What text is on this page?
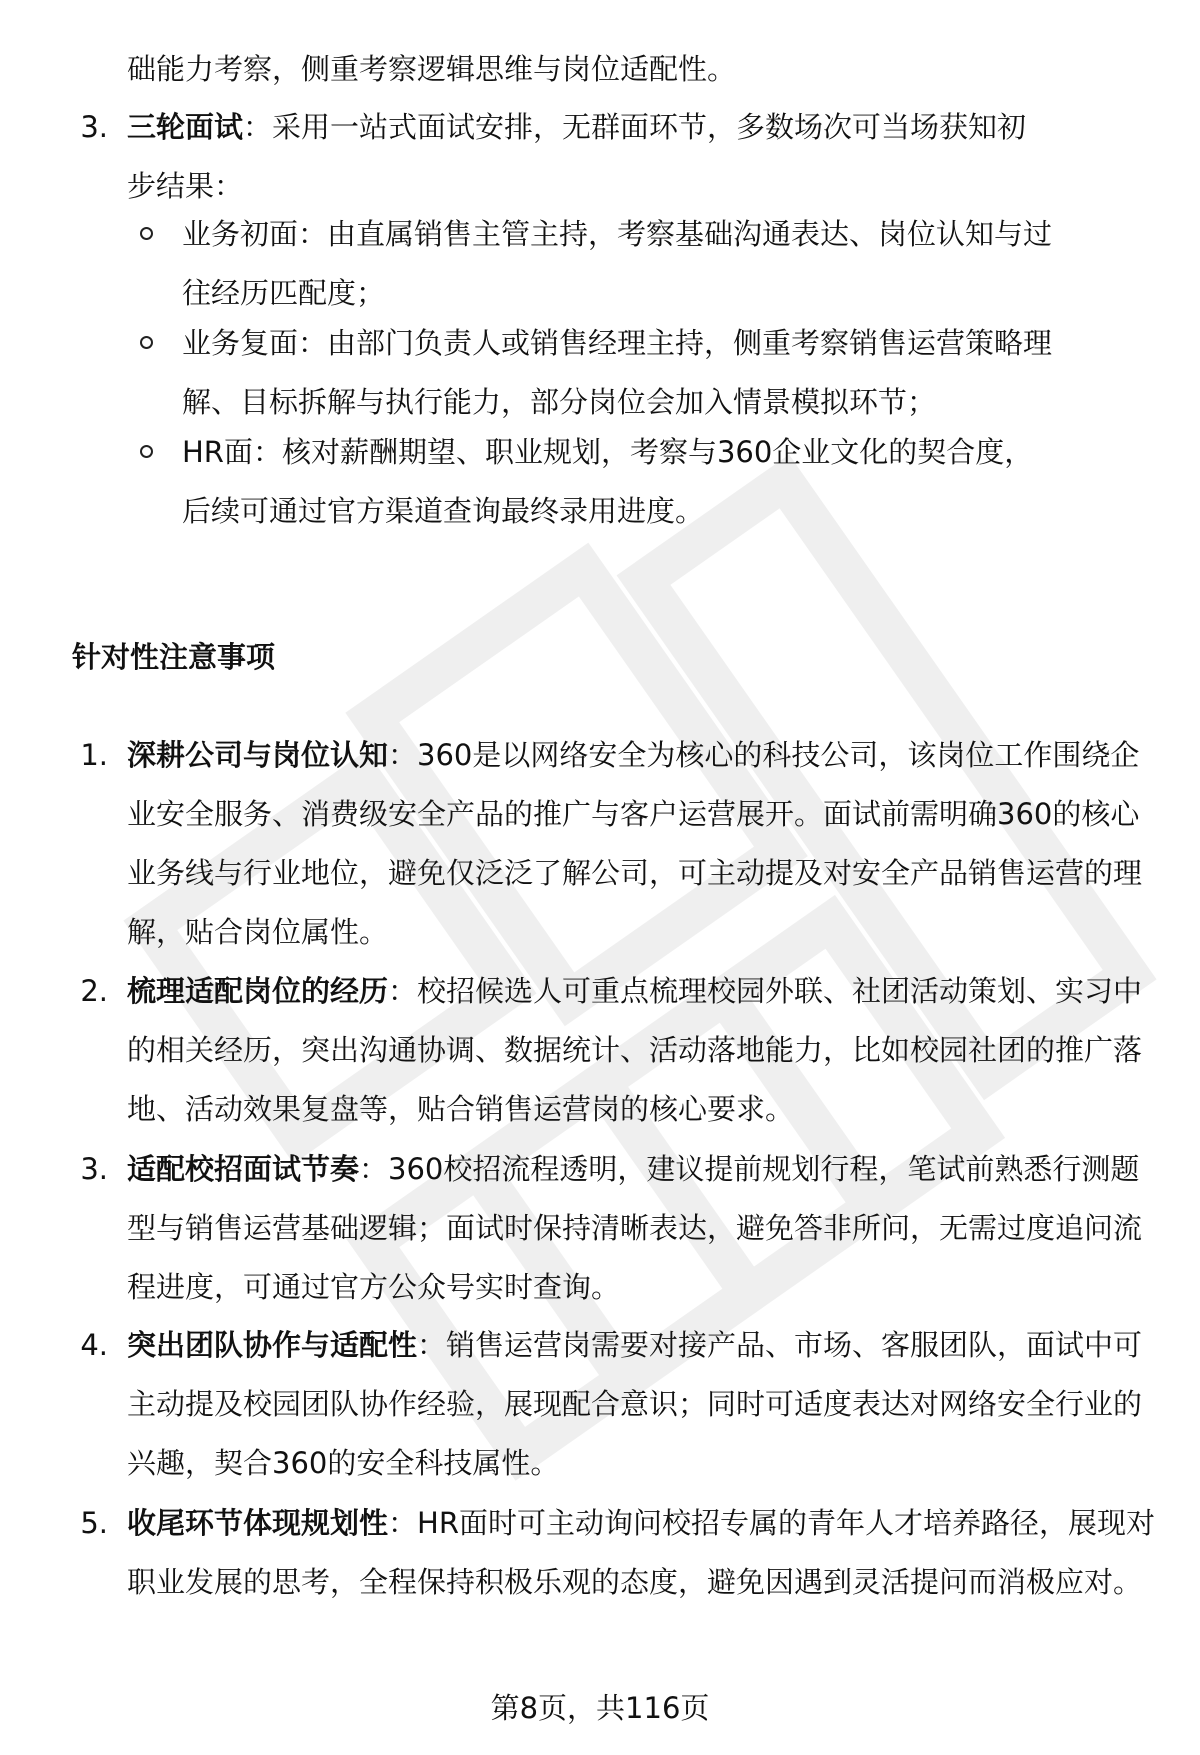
础能力考察，侧重考察逻辑思维与岗位适配性。

3. 三轮面试：采用一站式面试安排，无群面环节，多数场次可当场获知初步结果：

业务初面：由直属销售主管主持，考察基础沟通表达、岗位认知与过往经历匹配度；

业务复面：由部门负责人或销售经理主持，侧重考察销售运营策略理解、目标拆解与执行能力，部分岗位会加入情景模拟环节；

HR面：核对薪酬期望、职业规划，考察与360企业文化的契合度，后续可通过官方渠道查询最终录用进度。

针对性注意事项
1. 深耕公司与岗位认知：360是以网络安全为核心的科技公司，该岗位工作围绕企业安全服务、消费级安全产品的推广与客户运营展开。面试前需明确360的核心业务线与行业地位，避免仅泛泛了解公司，可主动提及对安全产品销售运营的理解，贴合岗位属性。

2. 梳理适配岗位的经历：校招候选人可重点梳理校园外联、社团活动策划、实习中的相关经历，突出沟通协调、数据统计、活动落地能力，比如校园社团的推广落地、活动效果复盘等，贴合销售运营岗的核心要求。

3. 适配校招面试节奏：360校招流程透明，建议提前规划行程，笔试前熟悉行测题型与销售运营基础逻辑；面试时保持清晰表达，避免答非所问，无需过度追问流程进度，可通过官方公众号实时查询。

4. 突出团队协作与适配性：销售运营岗需要对接产品、市场、客服团队，面试中可主动提及校园团队协作经验，展现配合意识；同时可适度表达对网络安全行业的兴趣，契合360的安全科技属性。

5. 收尾环节体现规划性：HR面时可主动询问校招专属的青年人才培养路径，展现对职业发展的思考，全程保持积极乐观的态度，避免因遇到灵活提问而消极应对。

第8页，共116页
